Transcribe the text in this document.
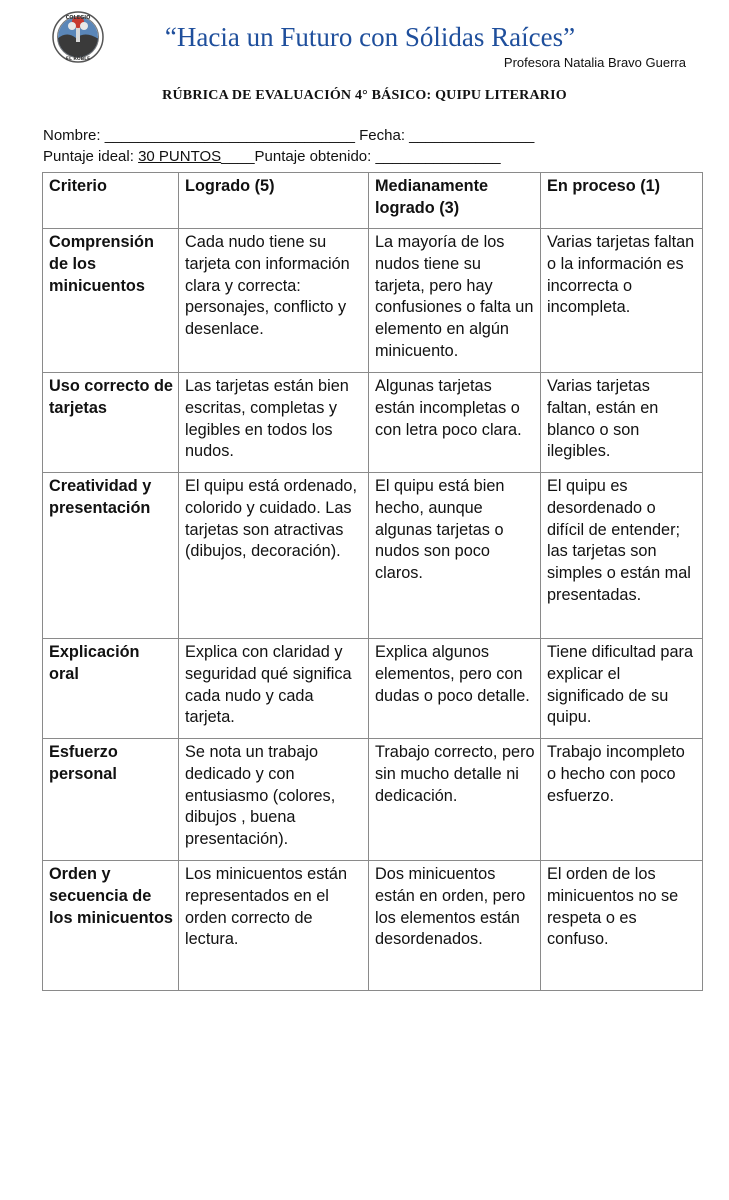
COLEGIO
EL ROBLE
“Hacia un Futuro con Sólidas Raíces”
Profesora Natalia Bravo Guerra
RÚBRICA DE EVALUACIÓN 4° BÁSICO: QUIPU LITERARIO
Nombre: ______________________________ Fecha: _______________
Puntaje ideal: 30 PUNTOS____Puntaje obtenido: _______________
Criterio	Logrado (5)	Medianamente logrado (3)	En proceso (1)
Comprensión de los minicuentos	Cada nudo tiene su tarjeta con información clara y correcta: personajes, conflicto y desenlace.	La mayoría de los nudos tiene su tarjeta, pero hay confusiones o falta un elemento en algún minicuento.	Varias tarjetas faltan o la información es incorrecta o incompleta.
Uso correcto de tarjetas	Las tarjetas están bien escritas, completas y legibles en todos los nudos.	Algunas tarjetas están incompletas o con letra poco clara.	Varias tarjetas faltan, están en blanco o son ilegibles.
Creatividad y presentación	El quipu está ordenado, colorido y cuidado. Las tarjetas son atractivas (dibujos, decoración).	El quipu está bien hecho, aunque algunas tarjetas o nudos son poco claros.	El quipu es desordenado o difícil de entender; las tarjetas son simples o están mal presentadas.
Explicación oral	Explica con claridad y seguridad qué significa cada nudo y cada tarjeta.	Explica algunos elementos, pero con dudas o poco detalle.	Tiene dificultad para explicar el significado de su quipu.
Esfuerzo personal	Se nota un trabajo dedicado y con entusiasmo (colores, dibujos , buena presentación).	Trabajo correcto, pero sin mucho detalle ni dedicación.	Trabajo incompleto o hecho con poco esfuerzo.
Orden y secuencia de los minicuentos	Los minicuentos están representados en el orden correcto de lectura.	Dos minicuentos están en orden, pero los elementos están desordenados.	El orden de los minicuentos no se respeta o es confuso.
